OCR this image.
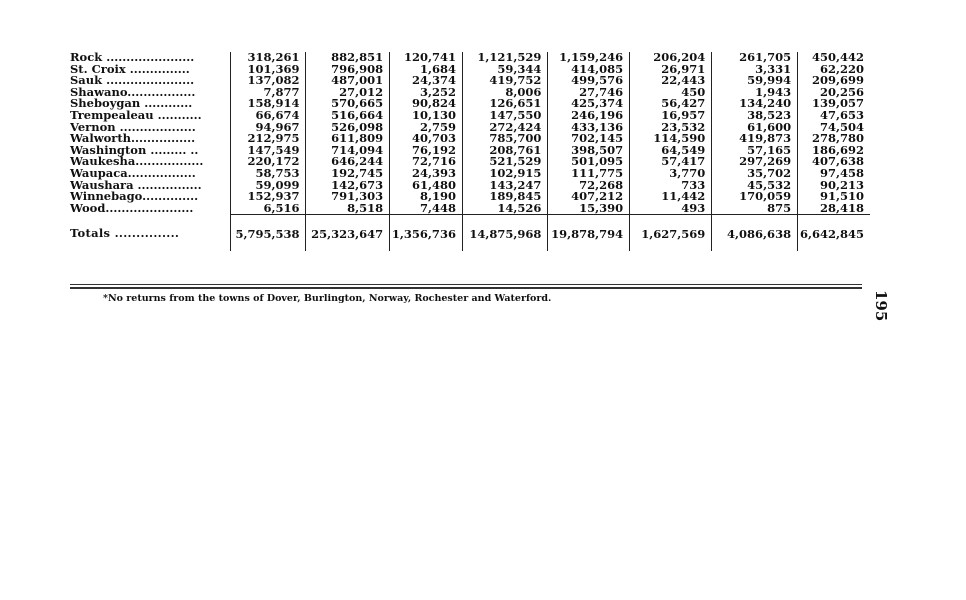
Rock ......................	318,261	882,851	120,741	1,121,529	1,159,246	206,204	261,705	450,442
St. Croix ...............	101,369	796,908	1,684	59,344	414,085	26,971	3,331	62,220
Sauk ......................	137,082	487,001	24,374	419,752	499,576	22,443	59,994	209,699
Shawano.................	7,877	27,012	3,252	8,006	27,746	450	1,943	20,256
Sheboygan ............	158,914	570,665	90,824	126,651	425,374	56,427	134,240	139,057
Trempealeau ...........	66,674	516,664	10,130	147,550	246,196	16,957	38,523	47,653
Vernon ...................	94,967	526,098	2,759	272,424	433,136	23,532	61,600	74,504
Walworth................	212,975	611,809	40,703	785,700	702,145	114,590	419,873	278,780
Washington ......... ..	147,549	714,094	76,192	208,761	398,507	64,549	57,165	186,692
Waukesha.................	220,172	646,244	72,716	521,529	501,095	57,417	297,269	407,638
Waupaca.................	58,753	192,745	24,393	102,915	111,775	3,770	35,702	97,458
Waushara ................	59,099	142,673	61,480	143,247	72,268	733	45,532	90,213
Winnebago..............	152,937	791,303	8,190	189,845	407,212	11,442	170,059	91,510
Wood......................	6,516	8,518	7,448	14,526	15,390	493	875	28,418
Totals ...............	5,795,538	25,323,647	1,356,736	14,875,968	19,878,794	1,627,569	4,086,638	6,642,845
*No returns from the towns of Dover, Burlington, Norway, Rochester and Waterford.	195
